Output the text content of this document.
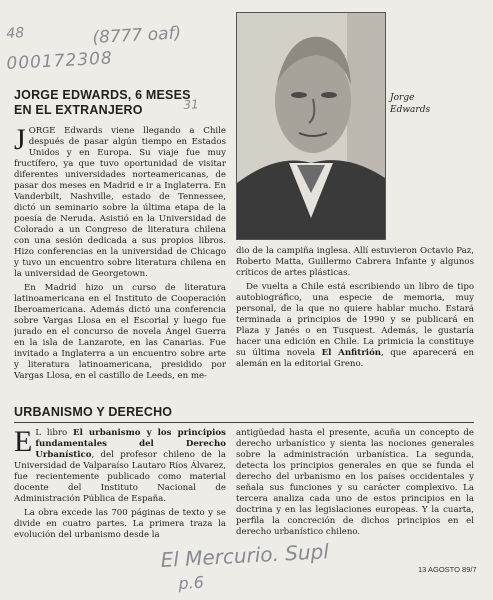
48	(8777 oaf)
000172308
31
JORGE EDWARDS, 6 MESES EN EL EXTRANJERO

JORGE Edwards viene llegando a Chile después de pasar algún tiempo en Estados Unidos y en Europa. Su viaje fue muy fructífero, ya que tuvo oportunidad de visitar diferentes universidades norteamericanas, de pasar dos meses en Madrid e ir a Inglaterra. En Vanderbilt, Nashville, estado de Tennessee, dictó un seminario sobre la última etapa de la poesía de Neruda. Asistió en la Universidad de Colorado a un Congreso de literatura chilena con una sesión dedicada a sus propios libros. Hizo conferencias en la universidad de Chicago y tuvo un encuentro sobre literatura chilena en la universidad de Georgetown.

En Madrid hizo un curso de literatura latinoamericana en el Instituto de Cooperación Iberoamericana. Además dictó una conferencia sobre Vargas Llosa en el Escorial y luego fue jurado en el concurso de novela Ángel Guerra en la isla de Lanzarote, en las Canarias. Fue invitado a Inglaterra a un encuentro sobre arte y literatura latinoamericana, presidido por Vargas Llosa, en el castillo de Leeds, en me-

Jorge
Edwards

dio de la campiña inglesa. Allí estuvieron Octavio Paz, Roberto Matta, Guillermo Cabrera Infante y algunos críticos de artes plásticas.

De vuelta a Chile está escribiendo un libro de tipo autobiográfico, una especie de memoria, muy personal, de la que no quiere hablar mucho. Estará terminada a principios de 1990 y se publicará en Plaza y Janés o en Tusquest. Además, le gustaría hacer una edición en Chile. La primicia la constituye su última novela El Anfitrión, que aparecerá en alemán en la editorial Greno.

URBANISMO Y DERECHO

E L libro El urbanismo y los principios fundamentales del Derecho Urbanístico, del profesor chileno de la Universidad de Valparaíso Lautaro Ríos Álvarez, fue recientemente publicado como material docente del Instituto Nacional de Administración Pública de España.

La obra excede las 700 páginas de texto y se divide en cuatro partes. La primera traza la evolución del urbanismo desde la

antigüedad hasta el presente, acuña un concepto de derecho urbanístico y sienta las nociones generales sobre la administración urbanística. La segunda, detecta los principios generales en que se funda el derecho del urbanismo en los países occidentales y señala sus funciones y su carácter complexivo. La tercera analiza cada uno de estos principios en la doctrina y en las legislaciones europeas. Y la cuarta, perfila la concreción de dichos principios en el derecho urbanístico chileno.

El Mercurio. Supl
p.6
13 AGOSTO 89/7
